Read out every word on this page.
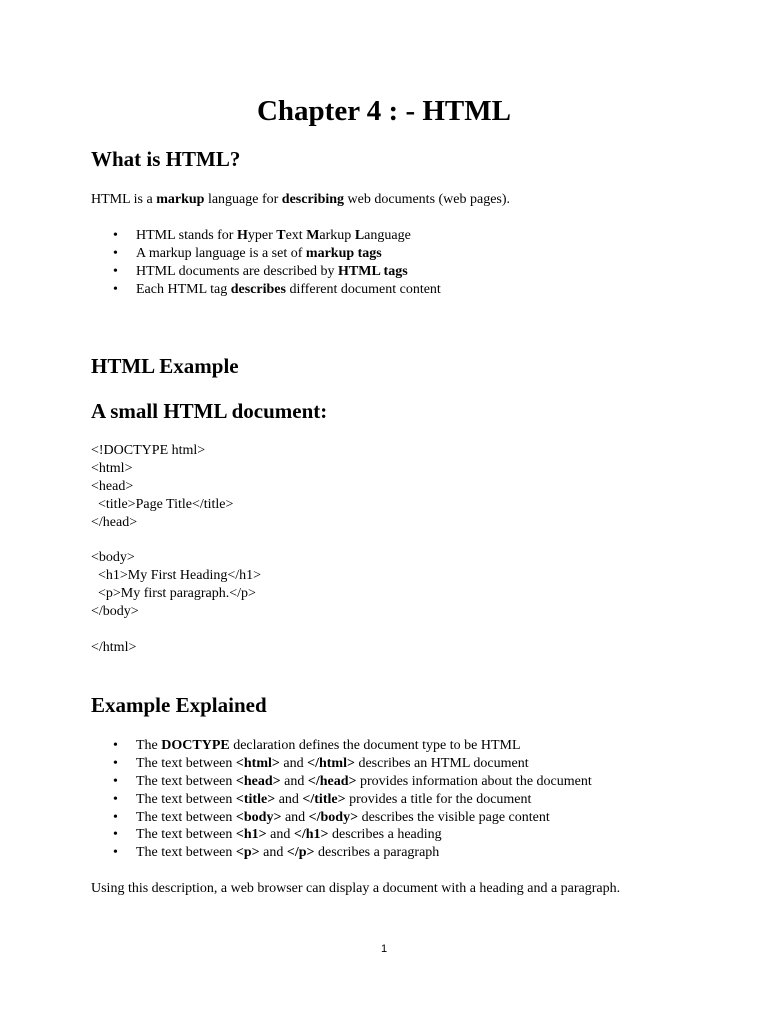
Chapter 4 : - HTML
What is HTML?

HTML is a markup language for describing web documents (web pages).

• HTML stands for Hyper Text Markup Language
• A markup language is a set of markup tags
• HTML documents are described by HTML tags
• Each HTML tag describes different document content
HTML Example
A small HTML document:
<!DOCTYPE html>
<html>
<head>
<title>Page Title</title>
</head>
<body>
<h1>My First Heading</h1>
<p>My first paragraph.</p>
</body>
</html>
Example Explained
• The DOCTYPE declaration defines the document type to be HTML
• The text between <html> and </html> describes an HTML document
• The text between <head> and </head> provides information about the document
• The text between <title> and </title> provides a title for the document
• The text between <body> and </body> describes the visible page content
• The text between <h1> and </h1> describes a heading
• The text between <p> and </p> describes a paragraph

Using this description, a web browser can display a document with a heading and a paragraph.

1
